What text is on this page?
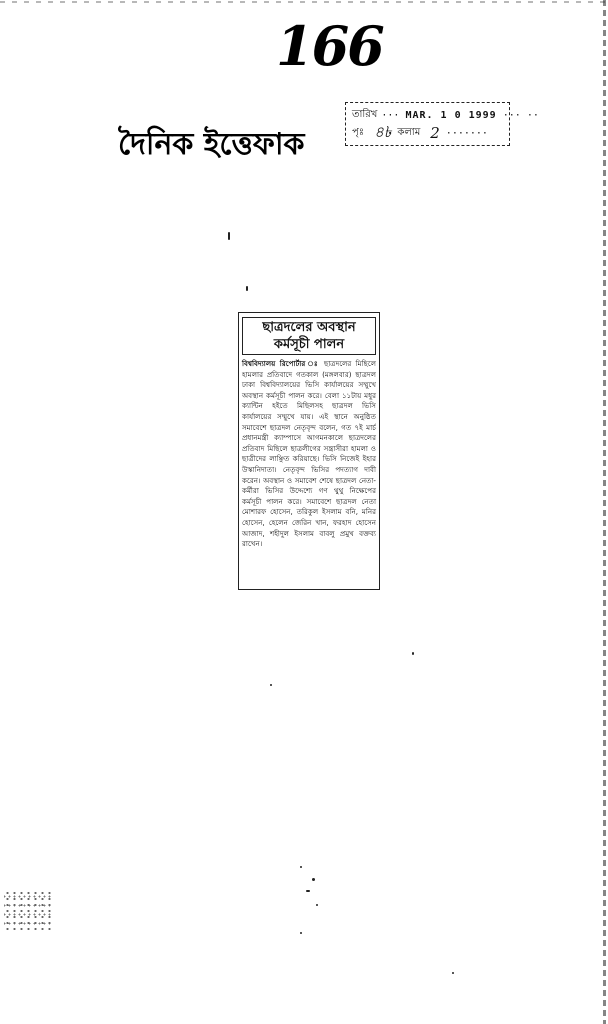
166
দৈনিক ইত্তেফাক
তারিখ ··· MAR. 1 0 1999 ··· ··
পৃঃ ৪৳ কলাম 2 ·······
ছাত্রদলের অবস্থান
কর্মসূচী পালন

বিশ্ববিদ্যালয় রিপোর্টার ঃ ছাত্রদলের মিছিলে হামলার প্রতিবাদে গতকাল (মঙ্গলবার) ছাত্রদল ঢাকা বিশ্ববিদ্যালয়ের ভিসি কার্যালয়ের সম্মুখে অবস্থান কর্মসূচী পালন করে। বেলা ১১টায় মধুর ক্যান্টিন হইতে মিছিলসহ ছাত্রদল ভিসি কার্যালয়ের সম্মুখে যায়। এই স্থানে অনুষ্ঠিত সমাবেশে ছাত্রদল নেতৃবৃন্দ বলেন, গত ৭ই মার্চ প্রধানমন্ত্রী ক্যাম্পাসে আগমনকালে ছাত্রদলের প্রতিবাদ মিছিলে ছাত্রলীগের সন্ত্রাসীরা হামলা ও ছাত্রীদের লাঞ্ছিত করিয়াছে। ভিসি নিজেই ইহার উস্কানিদাতা। নেতৃবৃন্দ ভিসির পদত্যাগ দাবী করেন। অবস্থান ও সমাবেশ শেষে ছাত্রদল নেতা-কর্মীরা ভিসির উদ্দেশ্যে গণ থুথু নিক্ষেপের কর্মসূচী পালন করে। সমাবেশে ছাত্রদল নেতা মোশারফ হোসেন, তরিকুল ইসলাম বনি, মনির হোসেন, হেলেন জেরিন খান, ফরহাদ হোসেন আজাদ, শহীদুল ইসলাম বাবলু প্রমুখ বক্তব্য রাখেন।
